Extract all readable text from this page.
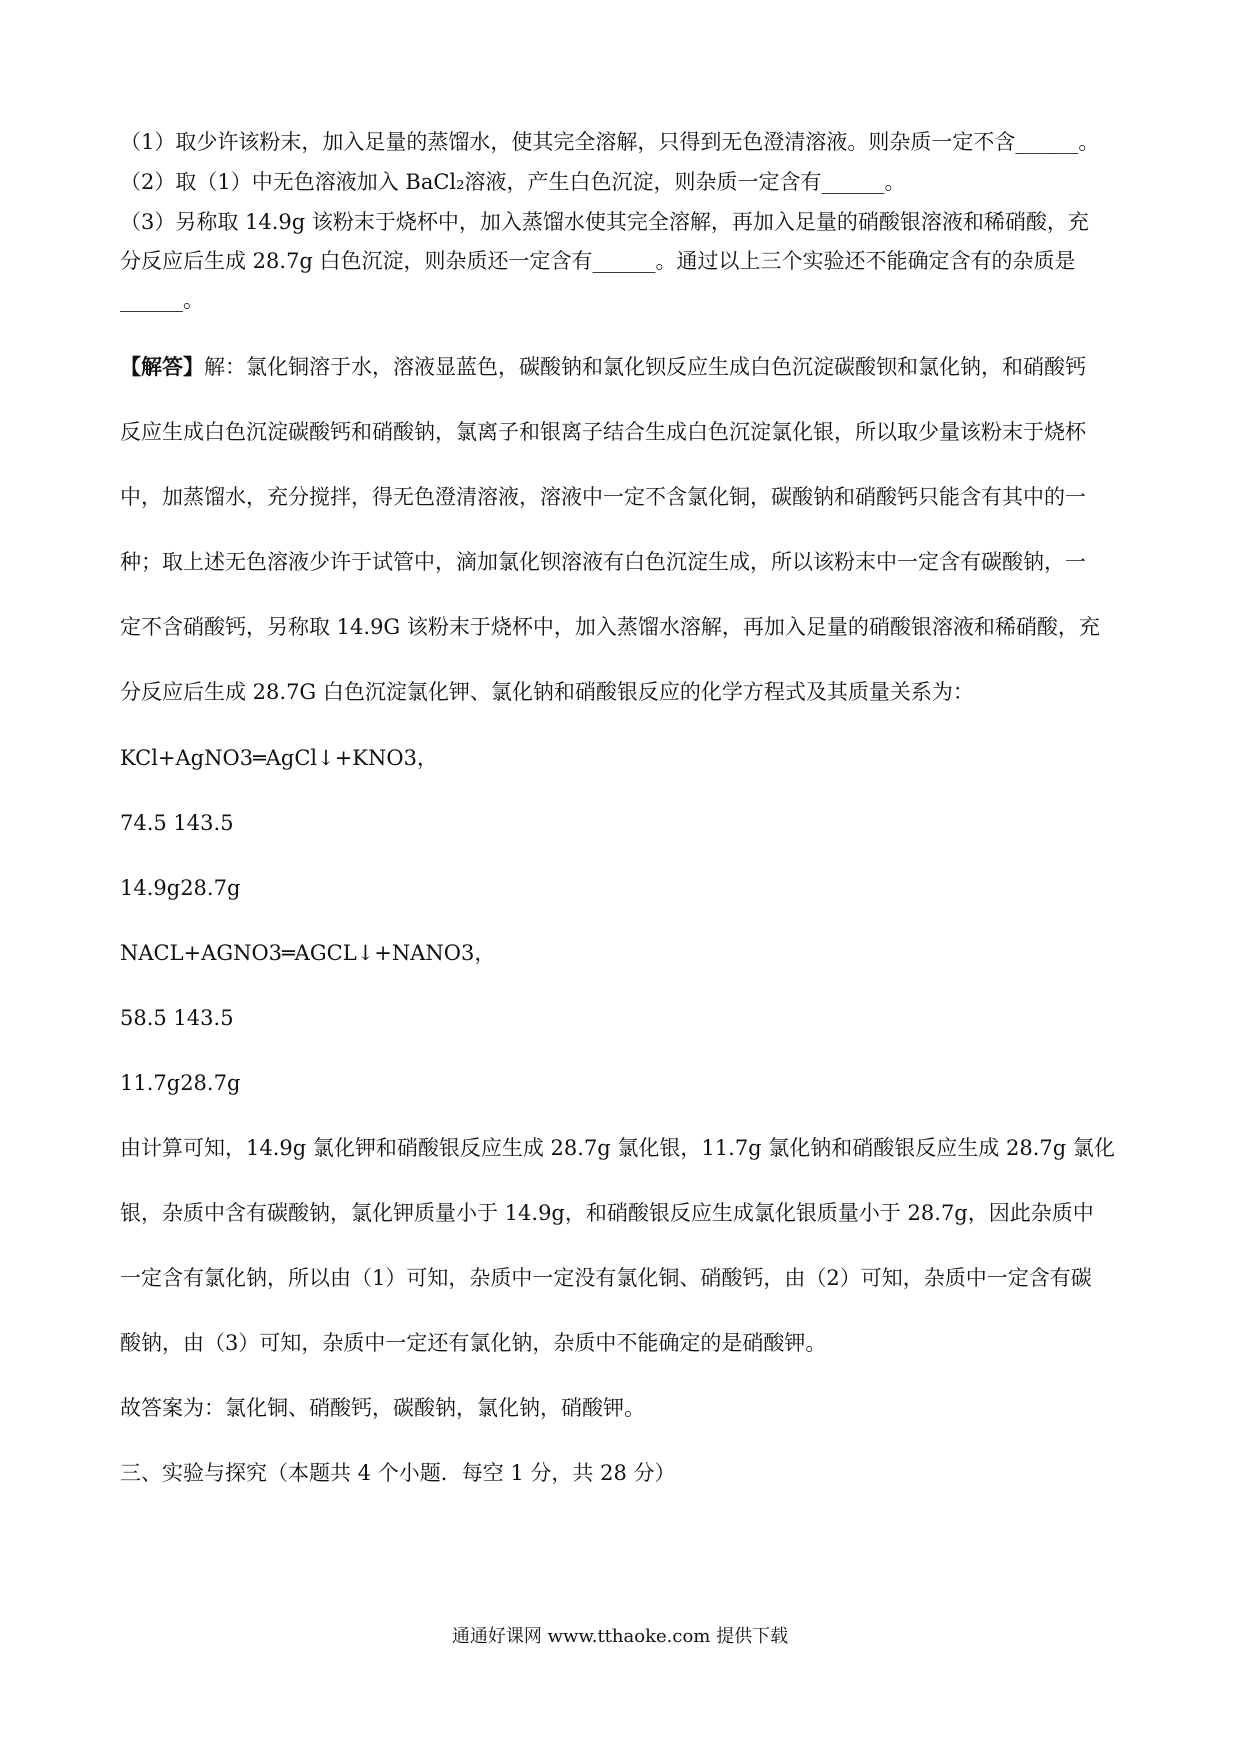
（1）取少许该粉末，加入足量的蒸馏水，使其完全溶解，只得到无色澄清溶液。则杂质一定不含______。
（2）取（1）中无色溶液加入 BaCl₂溶液，产生白色沉淀，则杂质一定含有______。
（3）另称取 14.9g 该粉末于烧杯中，加入蒸馏水使其完全溶解，再加入足量的硝酸银溶液和稀硝酸，充
分反应后生成 28.7g 白色沉淀，则杂质还一定含有______。通过以上三个实验还不能确定含有的杂质是
______。
【解答】解：氯化铜溶于水，溶液显蓝色，碳酸钠和氯化钡反应生成白色沉淀碳酸钡和氯化钠，和硝酸钙
反应生成白色沉淀碳酸钙和硝酸钠，氯离子和银离子结合生成白色沉淀氯化银，所以取少量该粉末于烧杯
中，加蒸馏水，充分搅拌，得无色澄清溶液，溶液中一定不含氯化铜，碳酸钠和硝酸钙只能含有其中的一
种；取上述无色溶液少许于试管中，滴加氯化钡溶液有白色沉淀生成，所以该粉末中一定含有碳酸钠，一
定不含硝酸钙，另称取 14.9G 该粉末于烧杯中，加入蒸馏水溶解，再加入足量的硝酸银溶液和稀硝酸，充
分反应后生成 28.7G 白色沉淀氯化钾、氯化钠和硝酸银反应的化学方程式及其质量关系为：
KCl+AgNO3═AgCl↓+KNO3，
74.5 143.5
14.9g28.7g
NACL+AGNO3═AGCL↓+NANO3，
58.5 143.5
11.7g28.7g
由计算可知，14.9g 氯化钾和硝酸银反应生成 28.7g 氯化银，11.7g 氯化钠和硝酸银反应生成 28.7g 氯化
银，杂质中含有碳酸钠，氯化钾质量小于 14.9g，和硝酸银反应生成氯化银质量小于 28.7g，因此杂质中
一定含有氯化钠，所以由（1）可知，杂质中一定没有氯化铜、硝酸钙，由（2）可知，杂质中一定含有碳
酸钠，由（3）可知，杂质中一定还有氯化钠，杂质中不能确定的是硝酸钾。
故答案为：氯化铜、硝酸钙，碳酸钠，氯化钠，硝酸钾。
三、实验与探究（本题共 4 个小题．每空 1 分，共 28 分）
通通好课网 www.tthaoke.com 提供下载
